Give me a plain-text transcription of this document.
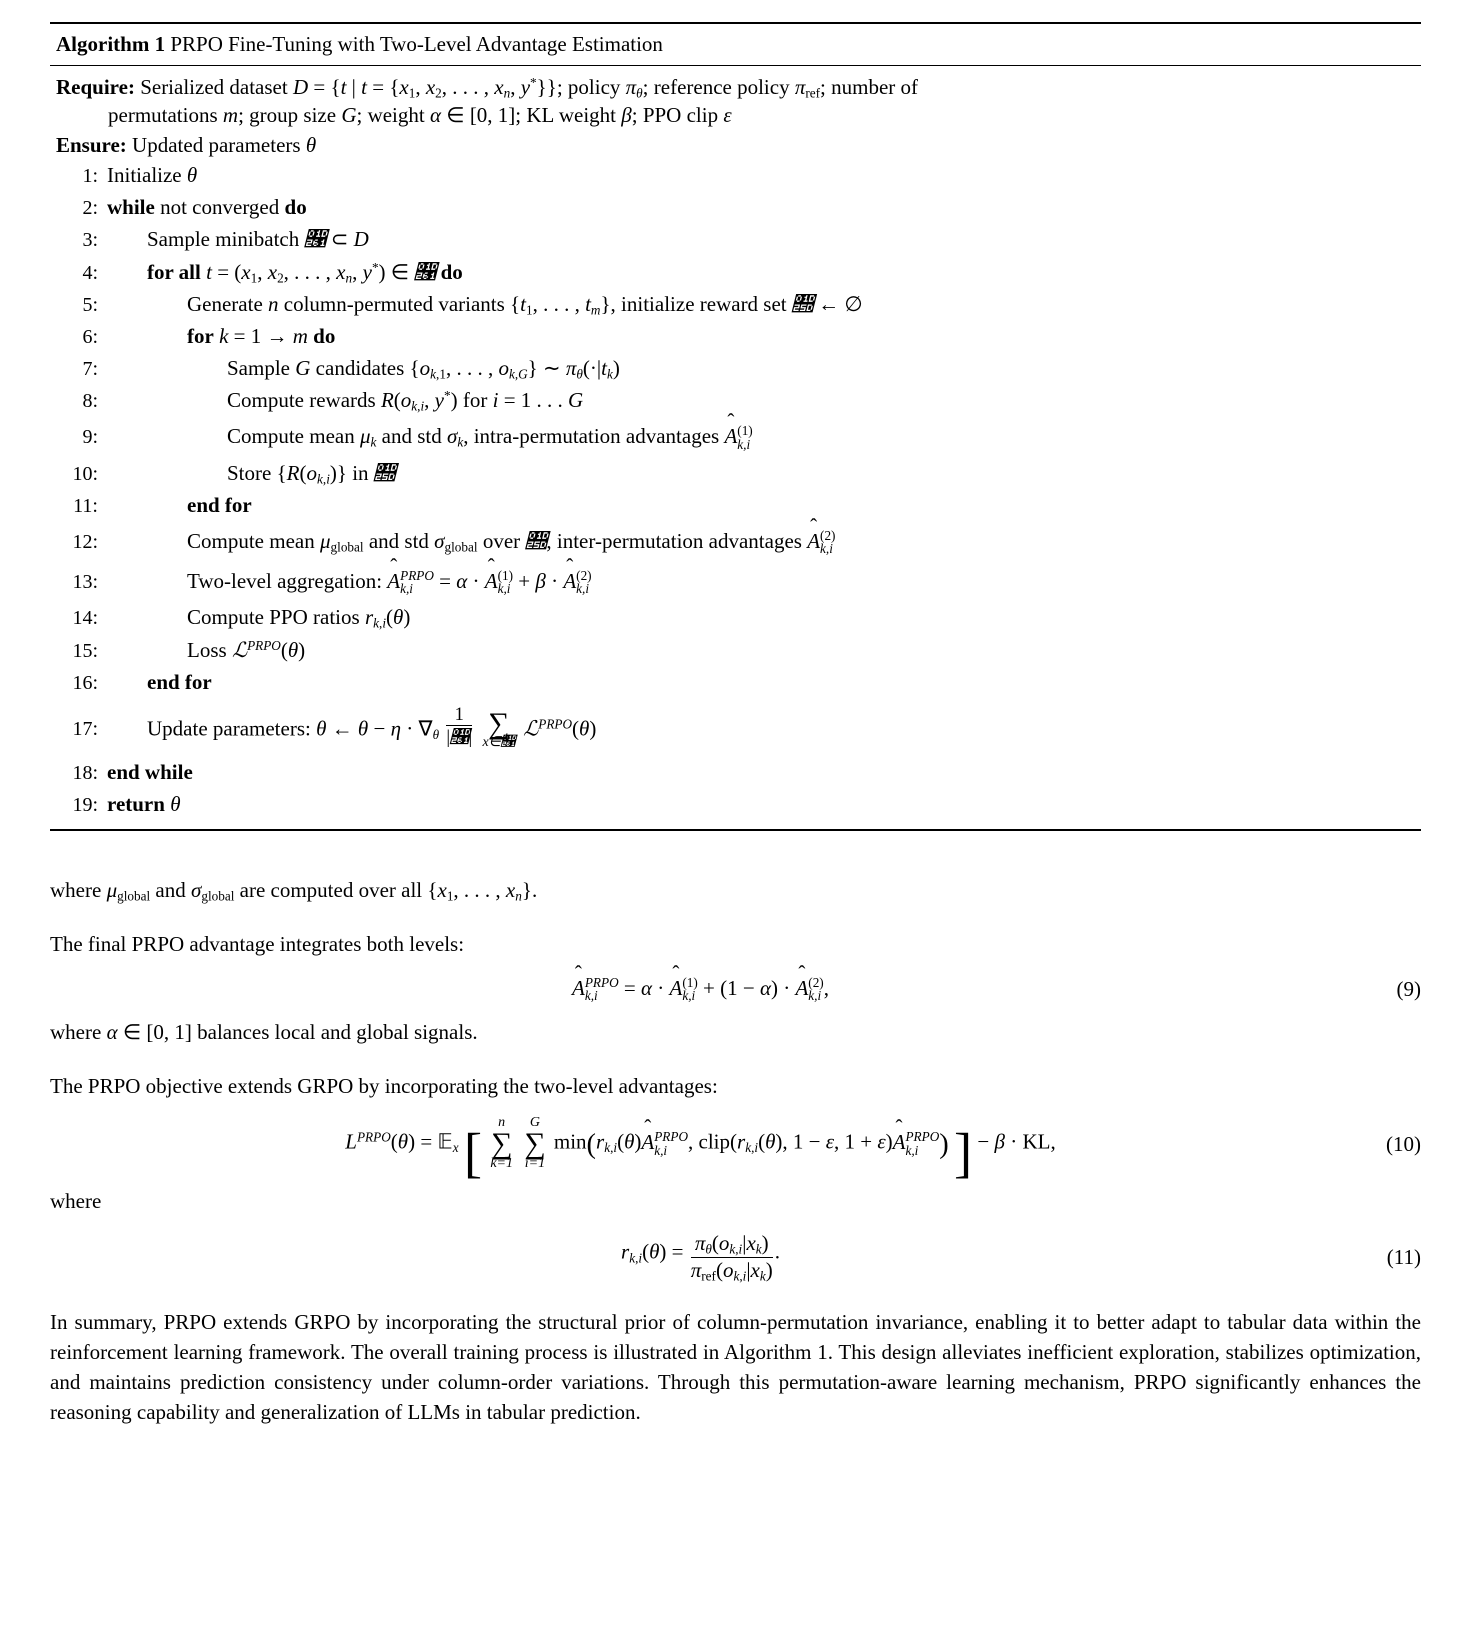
Algorithm 1 PRPO Fine-Tuning with Two-Level Advantage Estimation
Require: Serialized dataset D = {t | $t = \{x_1$, $x_2$, . . . , $x_n$, y*}}; policy $\pi_\theta$; reference policy $\pi_{ref}$; number of
permutations m; group size G; weight α ∈ [0, 1]; KL weight β; PPO clip ε
Ensure: Updated parameters θ
1: Initialize θ
2: while not converged do
3:	Sample minibatch 𝉡 ⊂ D
4:	for all $t = (x_1$, $x_2$, . . . , $x_n$, y*) ∈ 𝉡 do
5:	Generate n column-permuted variants {$t_1$, . . . , $t_m$}, initialize reward set 𝉝 ← ∅
6:	for k = 1 → m do
7:	Sample G candidates {$o_{k,1}$, . . . , $o_{k,G}$} ∼ $\pi_\theta(\cdot|t_k)$
8:	Compute rewards $R(o_{k,i}$, y*) for i = 1 . . . G
9:	Compute mean $\mu_k$ and std $\sigma_k$, intra-permutation advantages A ˆ (1)
k,i
10:	Store $\{R(o_{k,i})\}$ in 𝉝
11:	end for
12:	Compute mean $\mu_{global}$ and std $\sigma_{global}$ over 𝉝, inter-permutation advantages A ˆ (2)
k,i
13:	Two-level aggregation: A ˆ PRPO
k,i = α · A ˆ (1)
k,i + β · A ˆ (2)
k,i
14:	Compute PPO ratios $r_{k,i}(\theta)$
15:	Loss ℒ$^{PRPO}$(θ)
16:	end for
17:	Update parameters: θ ← $\theta - \eta \cdot \nabla_\theta \frac{1}{|𝉡|}$
∑
x∈𝉡
ℒ$^{PRPO}$(θ)
18: end while
19: return θ

where $\mu_{global}$ and $\sigma_{global}$ are computed over all {$x_1$, . . . , $x_n$}.

The final PRPO advantage integrates both levels:

A ˆ PRPO
k,i	= α · A ˆ (1)
k,i + (1 − α) · A ˆ (2)
k,i ,	(9)

where α ∈ [0, 1] balances local and global signals.

The PRPO objective extends GRPO by incorporating the two-level advantages:

$L^{PRPO}(\theta)$ = 𝔼$_x$ [	n
∑
k=1

G
∑
i=1
$\min(r_{k,i}(\theta)A$ ˆ PRPO
k,i , $clip(r_{k,i}(\theta)$, 1 − ε, 1 + ε)A ˆ PRPO
k,i ) ] − β · KL,	(10)

where

$r_{k,i}(\theta) = \frac{\pi_\theta(o_{k,i}|x_k)}{\pi_{ref}(o_{k,i}|x_k)}$ .	(11)

In summary, PRPO extends GRPO by incorporating the structural prior of column-permutation invariance, enabling it to better adapt to tabular data within the reinforcement learning framework. The overall training process is illustrated in Algorithm 1. This design alleviates inefficient exploration, stabilizes optimization, and maintains prediction consistency under column-order variations. Through this permutation-aware learning mechanism, PRPO significantly enhances the reasoning capability and generalization of LLMs in tabular prediction.
